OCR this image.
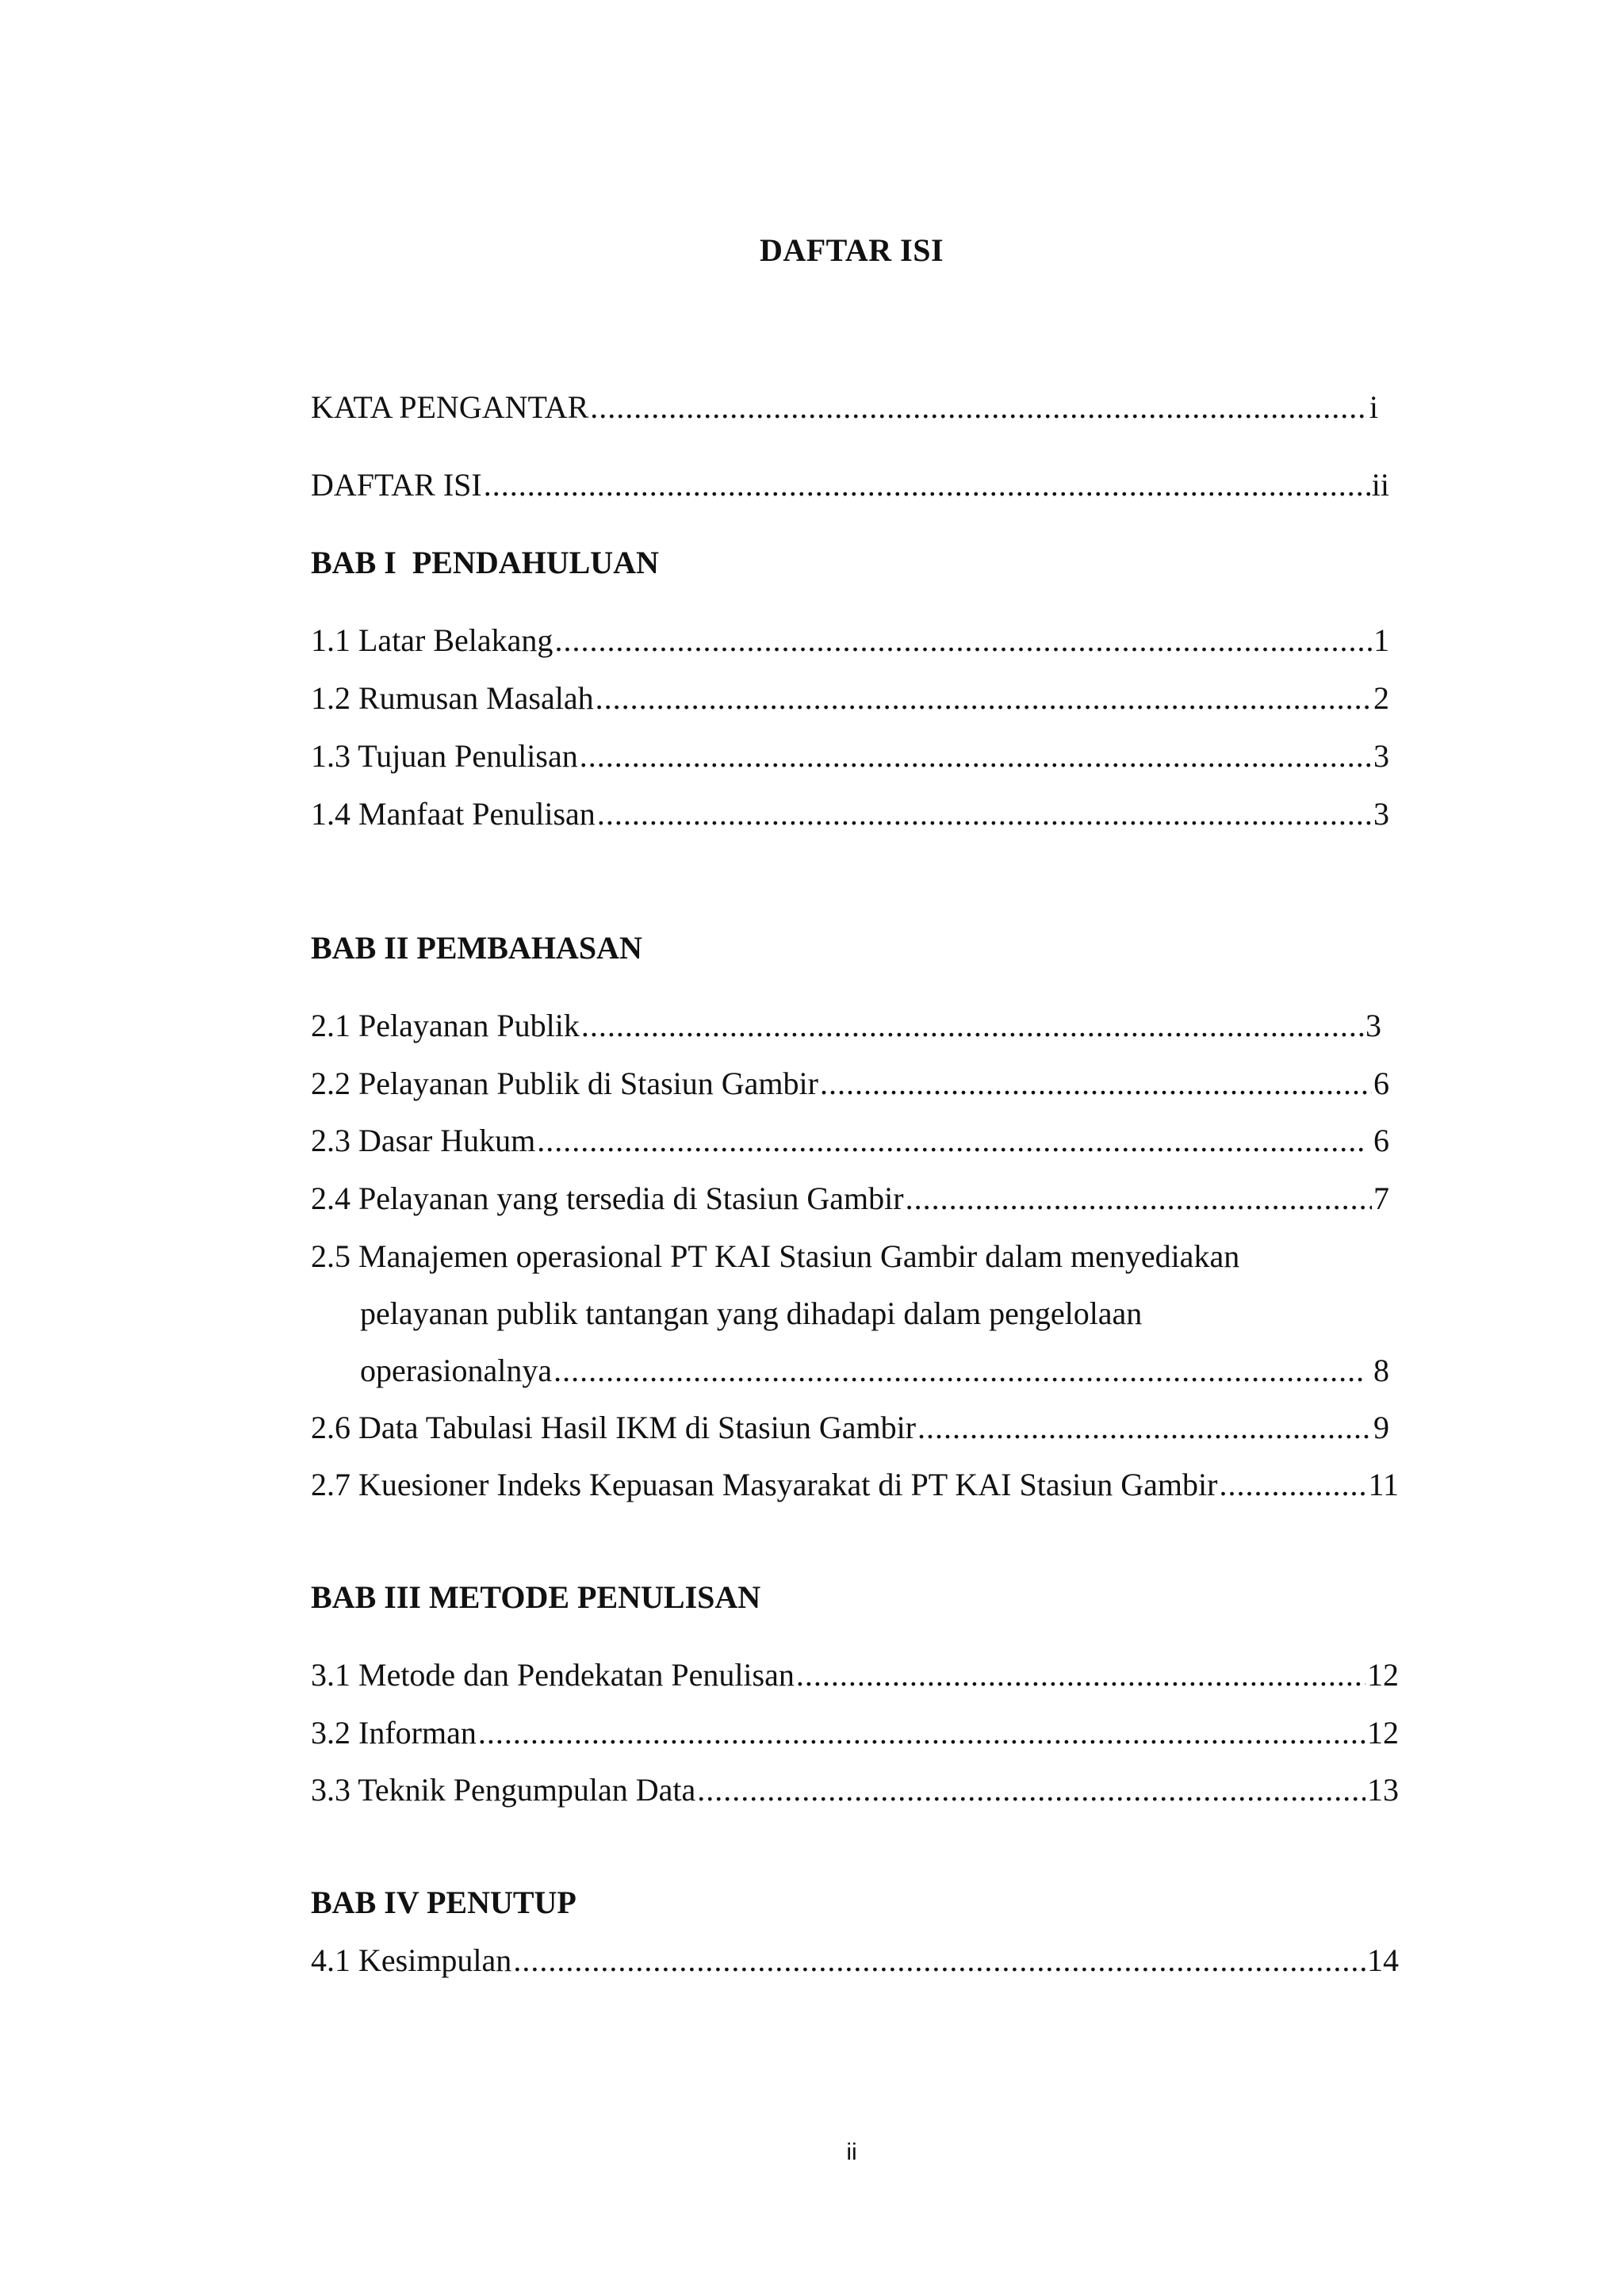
DAFTAR ISI
KATA PENGANTAR .....	i
DAFTAR ISI .....	ii
BAB I  PENDAHULUAN
1.1 Latar Belakang .....	1
1.2 Rumusan Masalah .....	2
1.3 Tujuan Penulisan .....	3
1.4 Manfaat Penulisan .....	3
BAB II PEMBAHASAN
2.1 Pelayanan Publik .....	3
2.2 Pelayanan Publik di Stasiun Gambir .....	6
2.3 Dasar Hukum .....	6
2.4 Pelayanan yang tersedia di Stasiun Gambir .....	7
2.5 Manajemen operasional PT KAI Stasiun Gambir dalam menyediakan
pelayanan publik tantangan yang dihadapi dalam pengelolaan
operasionalnya .....	8
2.6 Data Tabulasi Hasil IKM di Stasiun Gambir .....	9
2.7 Kuesioner Indeks Kepuasan Masyarakat di PT KAI Stasiun Gambir .....	11
BAB III METODE PENULISAN
3.1 Metode dan Pendekatan Penulisan .....	12
3.2 Informan .....	12
3.3 Teknik Pengumpulan Data .....	13
BAB IV PENUTUP
4.1 Kesimpulan .....	14
ii
